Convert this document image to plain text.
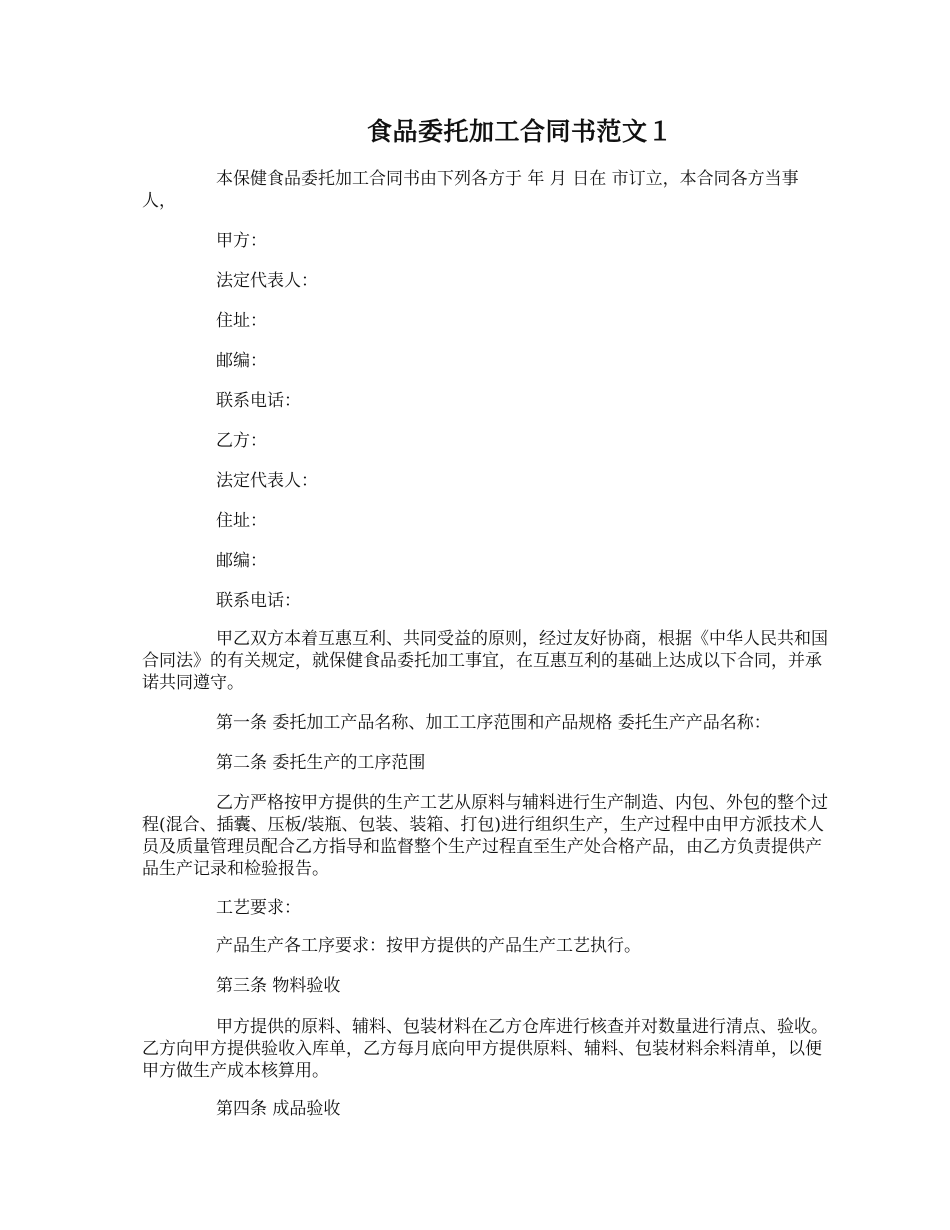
食品委托加工合同书范文１

本保健食品委托加工合同书由下列各方于 年 月 日在 市订立，本合同各方当事人，

甲方：

法定代表人：

住址：

邮编：

联系电话：

乙方：

法定代表人：

住址：

邮编：

联系电话：

甲乙双方本着互惠互利、共同受益的原则，经过友好协商，根据《中华人民共和国合同法》的有关规定，就保健食品委托加工事宜，在互惠互利的基础上达成以下合同，并承诺共同遵守。

第一条 委托加工产品名称、加工工序范围和产品规格 委托生产产品名称：

第二条 委托生产的工序范围

乙方严格按甲方提供的生产工艺从原料与辅料进行生产制造、内包、外包的整个过程(混合、插囊、压板/装瓶、包装、装箱、打包)进行组织生产，生产过程中由甲方派技术人员及质量管理员配合乙方指导和监督整个生产过程直至生产处合格产品，由乙方负责提供产品生产记录和检验报告。

工艺要求：

产品生产各工序要求：按甲方提供的产品生产工艺执行。

第三条 物料验收

甲方提供的原料、辅料、包装材料在乙方仓库进行核查并对数量进行清点、验收。乙方向甲方提供验收入库单，乙方每月底向甲方提供原料、辅料、包装材料余料清单，以便甲方做生产成本核算用。

第四条 成品验收
